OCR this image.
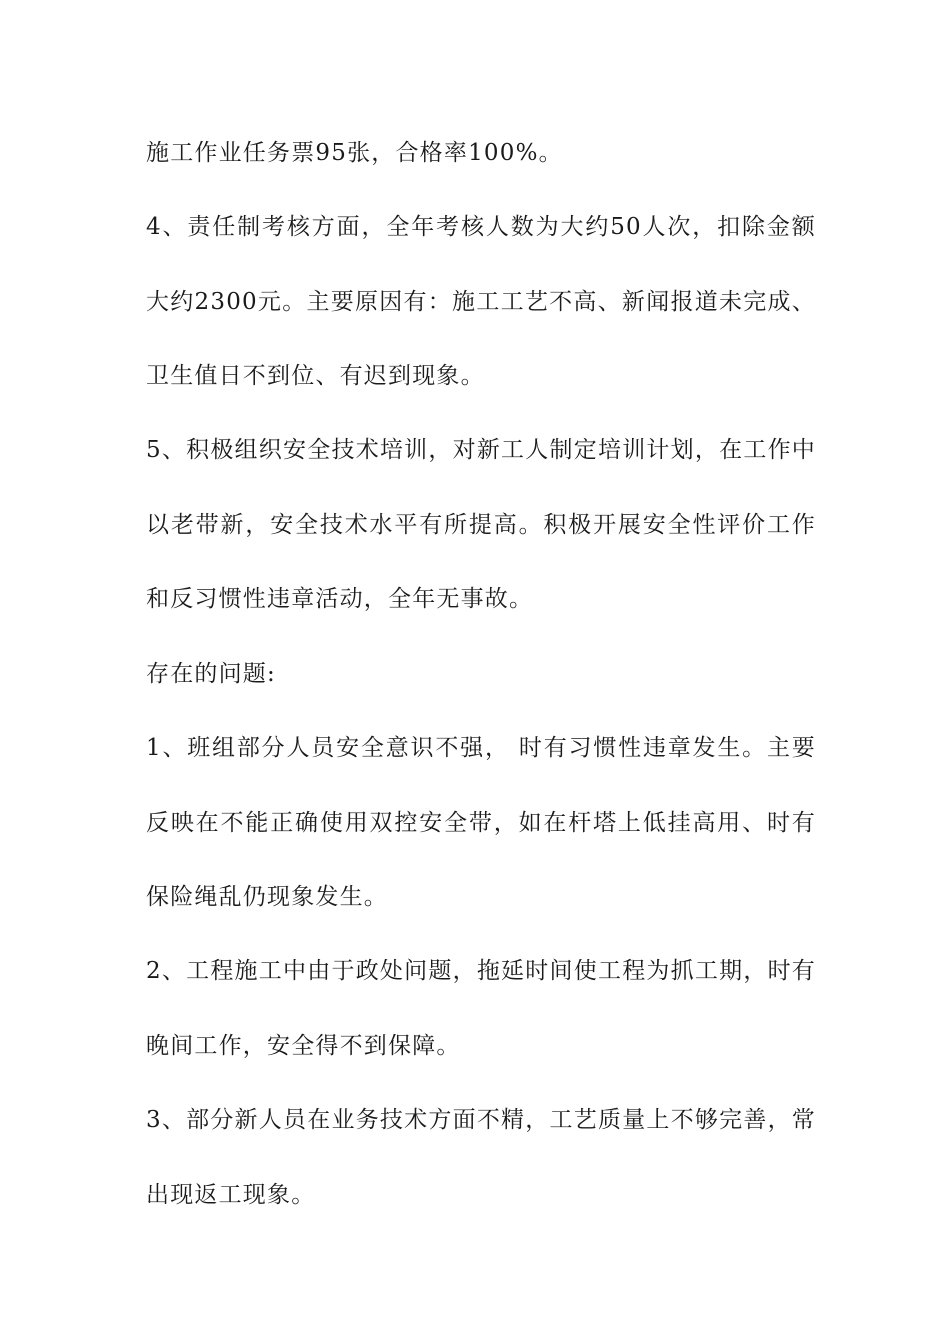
施工作业任务票95张，合格率100%。
4、责任制考核方面，全年考核人数为大约50人次，扣除金额
大约2300元。主要原因有：施工工艺不高、新闻报道未完成、
卫生值日不到位、有迟到现象。
5、积极组织安全技术培训，对新工人制定培训计划，在工作中
以老带新，安全技术水平有所提高。积极开展安全性评价工作
和反习惯性违章活动，全年无事故。
存在的问题:
1、班组部分人员安全意识不强， 时有习惯性违章发生。主要
反映在不能正确使用双控安全带，如在杆塔上低挂高用、时有
保险绳乱仍现象发生。
2、工程施工中由于政处问题，拖延时间使工程为抓工期，时有
晚间工作，安全得不到保障。
3、部分新人员在业务技术方面不精，工艺质量上不够完善，常
出现返工现象。
